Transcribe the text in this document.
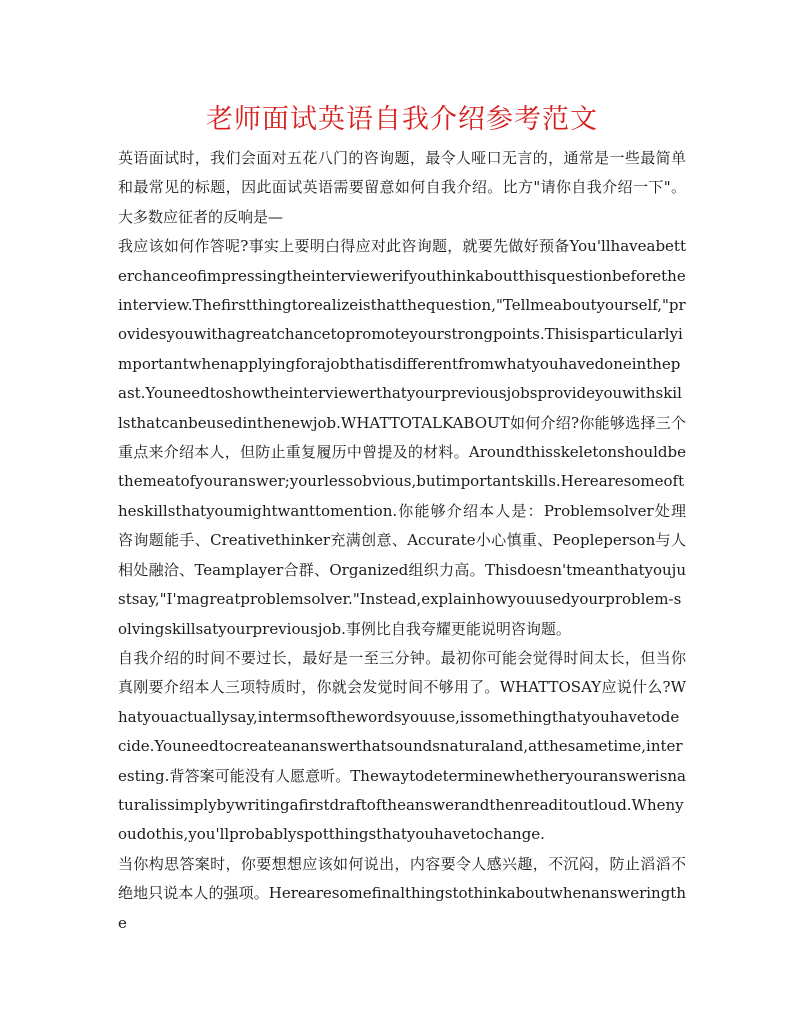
老师面试英语自我介绍参考范文

英语面试时，我们会面对五花八门的咨询题，最令人哑口无言的，通常是一些最简单和最常见的标题，因此面试英语需要留意如何自我介绍。比方"请你自我介绍一下"。大多数应征者的反响是—

我应该如何作答呢?事实上要明白得应对此咨询题，就要先做好预备You'llhaveabetterchanceofimpressingtheinterviewerifyouthinkaboutthisquestionbeforetheinterview.Thefirstthingtorealizeisthatthequestion,"Tellmeaboutyourself,"providesyouwithagreatchancetopromoteyourstrongpoints.Thisisparticularlyimportantwhenapplyingforajobthatisdifferentfromwhatyouhavedoneinthepast.Youneedtoshowtheinterviewerthatyourpreviousjobsprovideyouwithskillsthatcanbeusedinthenewjob.WHATTOTALKABOUT如何介绍?你能够选择三个重点来介绍本人，但防止重复履历中曾提及的材料。Aroundthisskeletonshouldbethemeatofyouranswer;yourlessobvious,butimportantskills.Herearesomeoftheskillsthatyoumightwanttomention.你能够介绍本人是：Problemsolver处理咨询题能手、Creativethinker充满创意、Accurate小心慎重、Peopleperson与人相处融洽、Teamplayer合群、Organized组织力高。Thisdoesn'tmeanthatyoujustsay,"I'magreatproblemsolver."Instead,explainhowyouusedyourproblem-solvingskillsatyourpreviousjob.事例比自我夸耀更能说明咨询题。

自我介绍的时间不要过长，最好是一至三分钟。最初你可能会觉得时间太长，但当你真刚要介绍本人三项特质时，你就会发觉时间不够用了。WHATTOSAY应说什么?Whatyouactuallysay,intermsofthewordsyouuse,issomethingthatyouhavetodecide.Youneedtocreateananswerthatsoundsnaturaland,atthesametime,interesting.背答案可能没有人愿意听。Thewaytodeterminewhetheryouranswerisnaturalissimplybywritingafirstdraftoftheanswerandthenreaditoutloud.Whenyoudothis,you'llprobablyspotthingsthatyouhavetochange.

当你构思答案时，你要想想应该如何说出，内容要令人感兴趣，不沉闷，防止滔滔不绝地只说本人的强项。Herearesomefinalthingstothinkaboutwhenansweringthe
